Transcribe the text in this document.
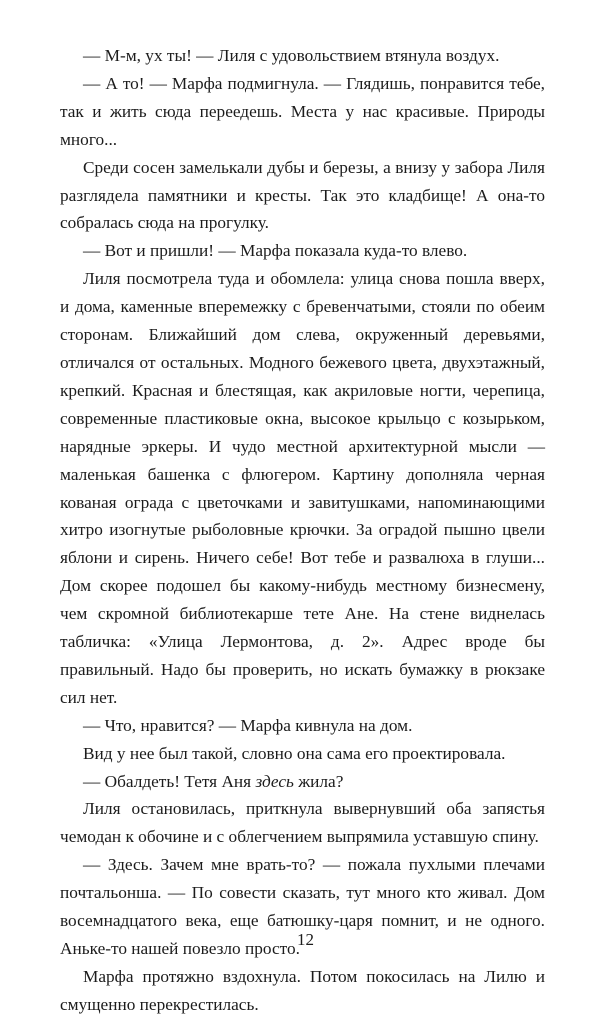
— М-м, ух ты! — Лиля с удовольствием втянула воздух.

— А то! — Марфа подмигнула. — Глядишь, понравится тебе, так и жить сюда переедешь. Места у нас красивые. Природы много...

Среди сосен замелькали дубы и березы, а внизу у забора Лиля разглядела памятники и кресты. Так это кладбище! А она-то собралась сюда на прогулку.

— Вот и пришли! — Марфа показала куда-то влево.

Лиля посмотрела туда и обомлела: улица снова пошла вверх, и дома, каменные вперемежку с бревенчатыми, стояли по обеим сторонам. Ближайший дом слева, окруженный деревьями, отличался от остальных. Модного бежевого цвета, двухэтажный, крепкий. Красная и блестящая, как акриловые ногти, черепица, современные пластиковые окна, высокое крыльцо с козырьком, нарядные эркеры. И чудо местной архитектурной мысли — маленькая башенка с флюгером. Картину дополняла черная кованая ограда с цветочками и завитушками, напоминающими хитро изогнутые рыболовные крючки. За оградой пышно цвели яблони и сирень. Ничего себе! Вот тебе и развалюха в глуши... Дом скорее подошел бы какому-нибудь местному бизнесмену, чем скромной библиотекарше тете Ане. На стене виднелась табличка: «Улица Лермонтова, д. 2». Адрес вроде бы правильный. Надо бы проверить, но искать бумажку в рюкзаке сил нет.

— Что, нравится? — Марфа кивнула на дом.

Вид у нее был такой, словно она сама его проектировала.

— Обалдеть! Тетя Аня здесь жила?

Лиля остановилась, приткнула вывернувший оба запястья чемодан к обочине и с облегчением выпрямила уставшую спину.

— Здесь. Зачем мне врать-то? — пожала пухлыми плечами почтальонша. — По совести сказать, тут много кто живал. Дом восемнадцатого века, еще батюшку-царя помнит, и не одного. Аньке-то нашей повезло просто.

Марфа протяжно вздохнула. Потом покосилась на Лилю и смущенно перекрестилась.

12
